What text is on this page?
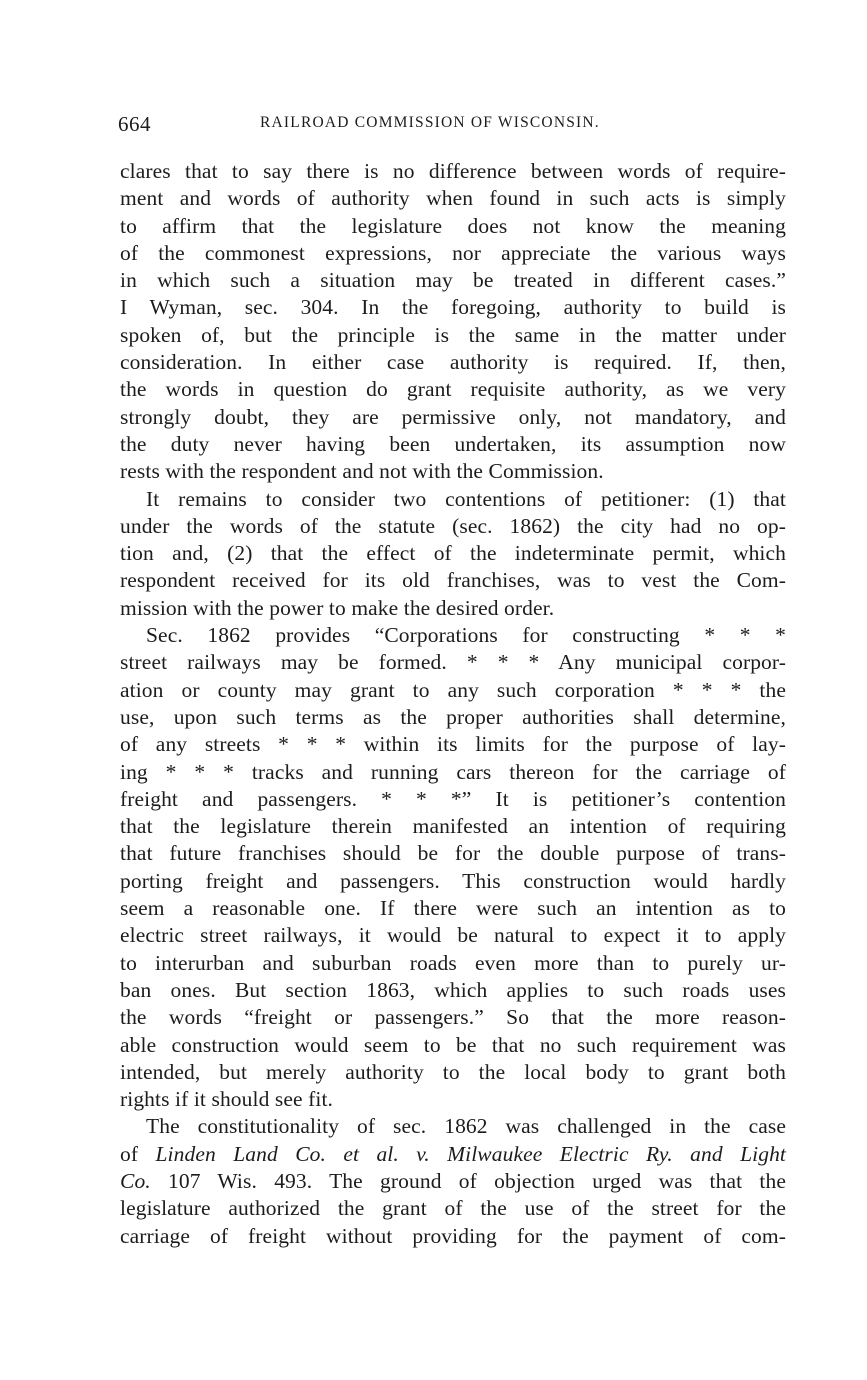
664	RAILROAD COMMISSION OF WISCONSIN.
clares that to say there is no difference between words of require-
ment and words of authority when found in such acts is simply
to affirm that the legislature does not know the meaning
of the commonest expressions, nor appreciate the various ways
in which such a situation may be treated in different cases.”
I Wyman, sec. 304. In the foregoing, authority to build is
spoken of, but the principle is the same in the matter under
consideration. In either case authority is required. If, then,
the words in question do grant requisite authority, as we very
strongly doubt, they are permissive only, not mandatory, and
the duty never having been undertaken, its assumption now
rests with the respondent and not with the Commission.
It remains to consider two contentions of petitioner: (1) that
under the words of the statute (sec. 1862) the city had no op-
tion and, (2) that the effect of the indeterminate permit, which
respondent received for its old franchises, was to vest the Com-
mission with the power to make the desired order.
Sec. 1862 provides “Corporations for constructing * * *
street railways may be formed. * * * Any municipal corpor-
ation or county may grant to any such corporation * * * the
use, upon such terms as the proper authorities shall determine,
of any streets * * * within its limits for the purpose of lay-
ing * * * tracks and running cars thereon for the carriage of
freight and passengers. * * *” It is petitioner’s contention
that the legislature therein manifested an intention of requiring
that future franchises should be for the double purpose of trans-
porting freight and passengers. This construction would hardly
seem a reasonable one. If there were such an intention as to
electric street railways, it would be natural to expect it to apply
to interurban and suburban roads even more than to purely ur-
ban ones. But section 1863, which applies to such roads uses
the words “freight or passengers.” So that the more reason-
able construction would seem to be that no such requirement was
intended, but merely authority to the local body to grant both
rights if it should see fit.
The constitutionality of sec. 1862 was challenged in the case
of Linden Land Co. et al. v. Milwaukee Electric Ry. and Light
Co. 107 Wis. 493. The ground of objection urged was that the
legislature authorized the grant of the use of the street for the
carriage of freight without providing for the payment of com-
